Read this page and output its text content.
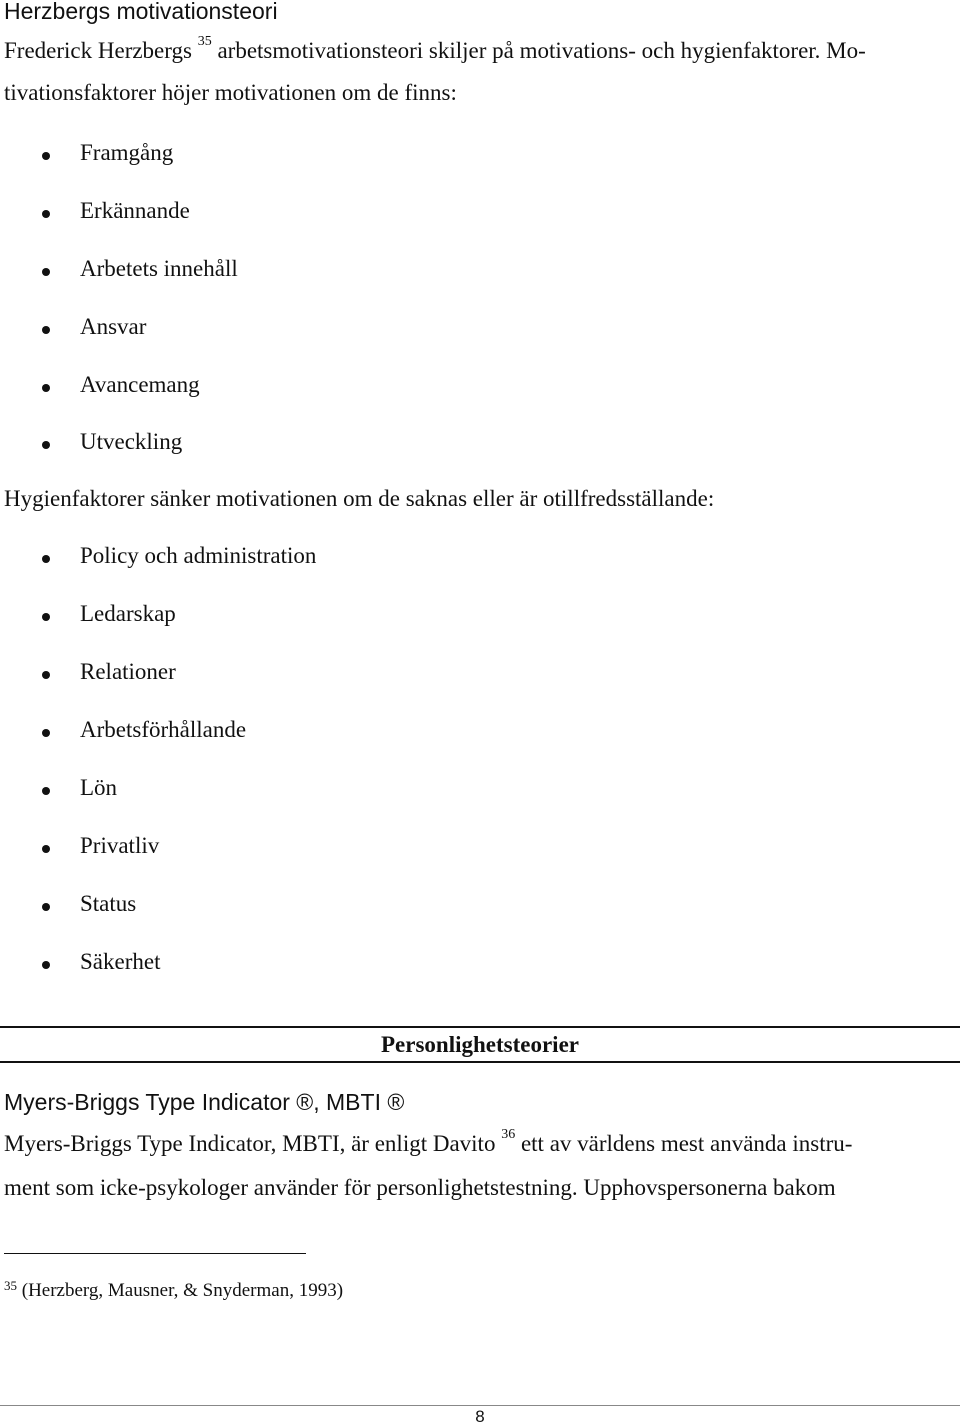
Herzbergs motivationsteori
Frederick Herzbergs $^{35}$ arbetsmotivationsteori skiljer på motivations- och hygienfaktorer. Mo-
tivationsfaktorer höjer motivationen om de finns:
Framgång
Erkännande
Arbetets innehåll
Ansvar
Avancemang
Utveckling
Hygienfaktorer sänker motivationen om de saknas eller är otillfredsställande:
Policy och administration
Ledarskap
Relationer
Arbetsförhållande
Lön
Privatliv
Status
Säkerhet
Personlighetsteorier
Myers-Briggs Type Indicator ®, MBTI ®
Myers-Briggs Type Indicator, MBTI, är enligt Davito $^{36}$ ett av världens mest använda instru-
ment som icke-psykologer använder för personlighetstestning. Upphovspersonerna bakom
$^{35}$ (Herzberg, Mausner, & Snyderman, 1993)
8
